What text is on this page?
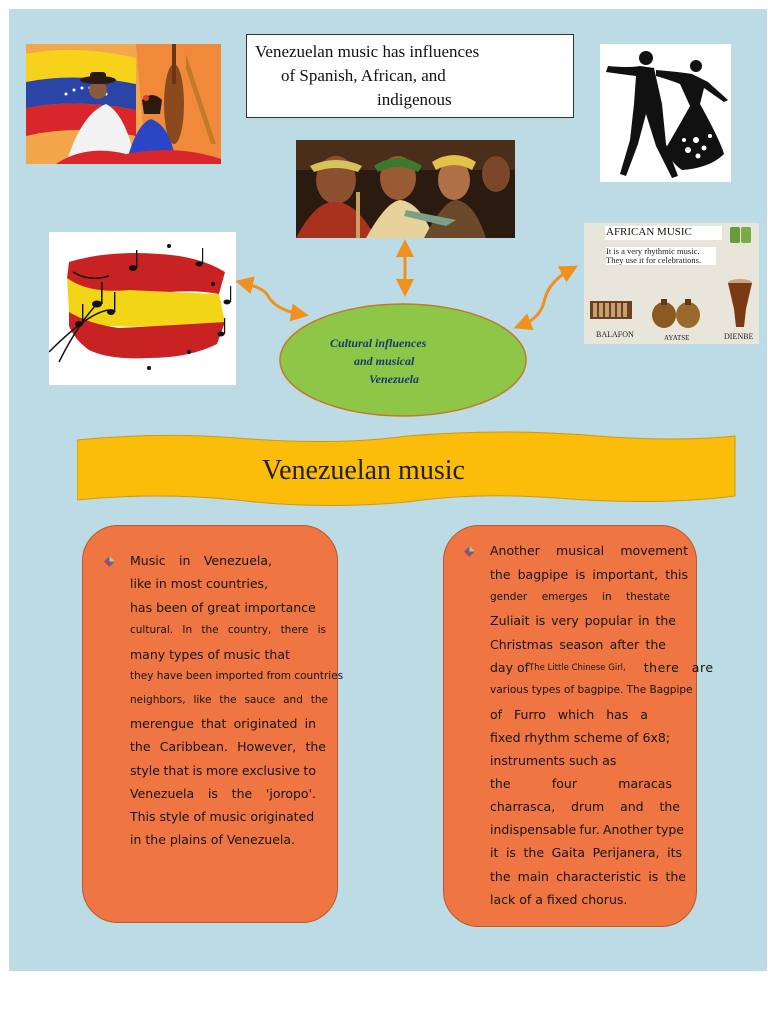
Venezuelan music has influences
of Spanish, African, and
indigenous
AFRICAN MUSIC
It is a very rhythmic music.
They use it for celebrations.
BALAFON	AYATSE	DIENBE
Cultural influences
and musical
Venezuela
Venezuelan music
Music in Venezuela,
like in most countries,
has been of great importance
cultural. In the country, there is
many types of music that
they have been imported from countries
neighbors, like the sauce and the
merengue that originated in
the Caribbean. However, the
style that is more exclusive to
Venezuela is the 'joropo'.
This style of music originated
in the plains of Venezuela.
Another musical movement
the bagpipe is important, this
gender emerges in thestate
Zuliait is very popular in the
Christmas season after the
day of The Little Chinese Girl, there are
various types of bagpipe. The Bagpipe
of Furro which has a
fixed rhythm scheme of 6x8;
instruments such as
the	four	maracas
charrasca, drum and the
indispensable fur. Another type
it is the Gaita Perijanera, its
the main characteristic is the
lack of a fixed chorus.
